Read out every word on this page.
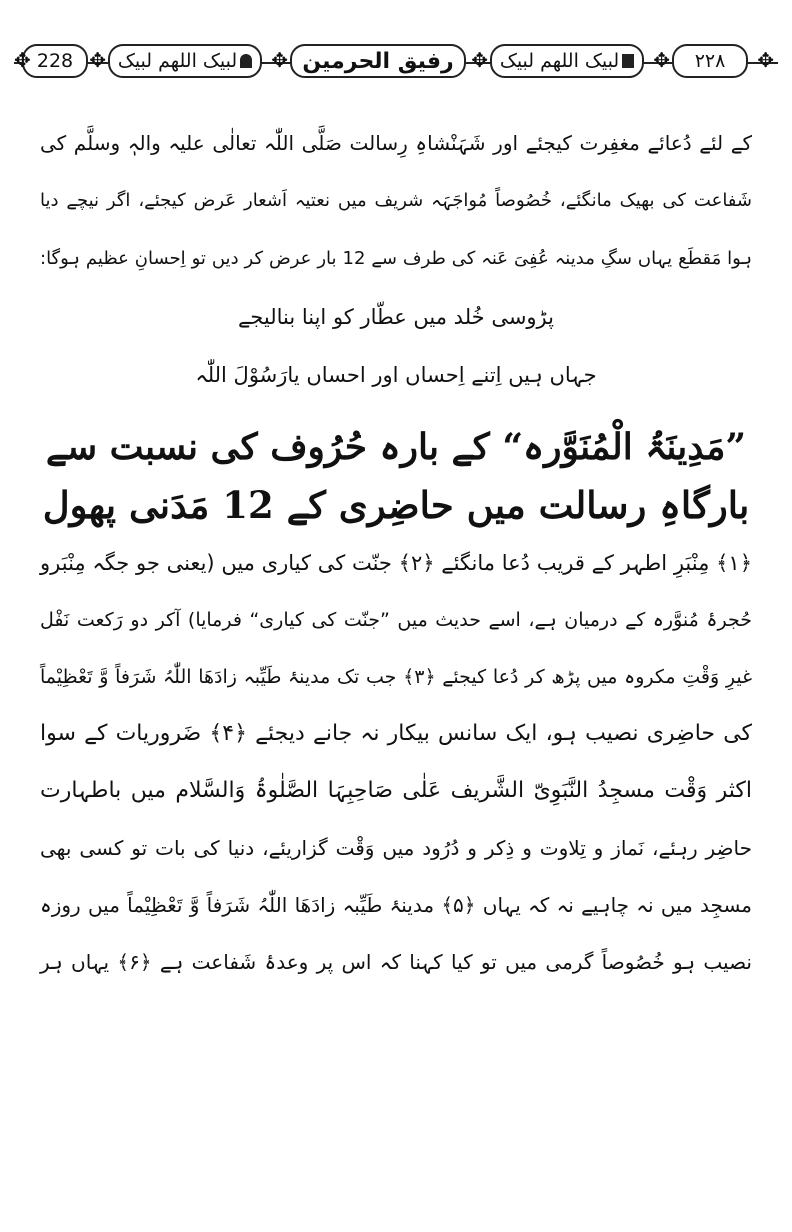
✥
۲۲۸
✥
لبیک اللھم لبیک
✥
رفیق الحرمین
✥
لبیک اللھم لبیک
✥
228
✥
کے لئے دُعائے مغفِرت کیجئے اور شَہَنْشاہِ رِسالت صَلَّی اللّٰہ تعالٰی علیہ والہٖ وسلَّم کی
شَفاعت کی بھیک مانگئے، خُصُوصاً مُواجَہَہ شریف میں نعتیہ اَشعار عَرض کیجئے، اگر نیچے دیا
ہوا مَقطَع یہاں سگِ مدینہ عُفِیَ عَنہ کی طرف سے 12 بار عرض کر دیں تو اِحسانِ عظیم ہوگا:
پڑوسی خُلد میں عطّار کو اپنا بنالیجے
جہاں ہیں اِتنے اِحساں اور احساں یارَسُوْلَ اللّٰہ
”مَدِینَۃُ الْمُنَوَّرہ“ کے بارہ حُرُوف کی نسبت سے
بارگاہِ رسالت میں حاضِری کے 12 مَدَنی پھول
﴿۱﴾ مِنْبَرِ اطہر کے قریب دُعا مانگئے ﴿۲﴾ جنّت کی کیاری میں (یعنی جو جگہ مِنْبَرو
حُجرۂ مُنوَّرہ کے درمیان ہے، اسے حدیث میں ”جنّت کی کیاری“ فرمایا) آکر دو رَکعت نَفْل
غیرِ وَقْتِ مکروہ میں پڑھ کر دُعا کیجئے ﴿۳﴾ جب تک مدینۂ طَیِّبہ زادَھَا اللّٰہُ شَرَفاً وَّ تَعْظِیْماً
کی حاضِری نصیب ہو، ایک سانس بیکار نہ جانے دیجئے ﴿۴﴾ ضَروریات کے سوا
اکثر وَقْت مسجِدُ النَّبَوِیّ الشَّریف عَلٰی صَاحِبِہَا الصَّلٰوۃُ وَالسَّلام میں باطہارت
حاضِر رہئے، نَماز و تِلاوت و ذِکر و دُرُود میں وَقْت گزاریئے، دنیا کی بات تو کسی بھی
مسجِد میں نہ چاہیے نہ کہ یہاں ﴿۵﴾ مدینۂ طَیِّبہ زادَھَا اللّٰہُ شَرَفاً وَّ تَعْظِیْماً میں روزہ
نصیب ہو خُصُوصاً گرمی میں تو کیا کہنا کہ اس پر وعدۂ شَفاعت ہے ﴿۶﴾ یہاں ہر
